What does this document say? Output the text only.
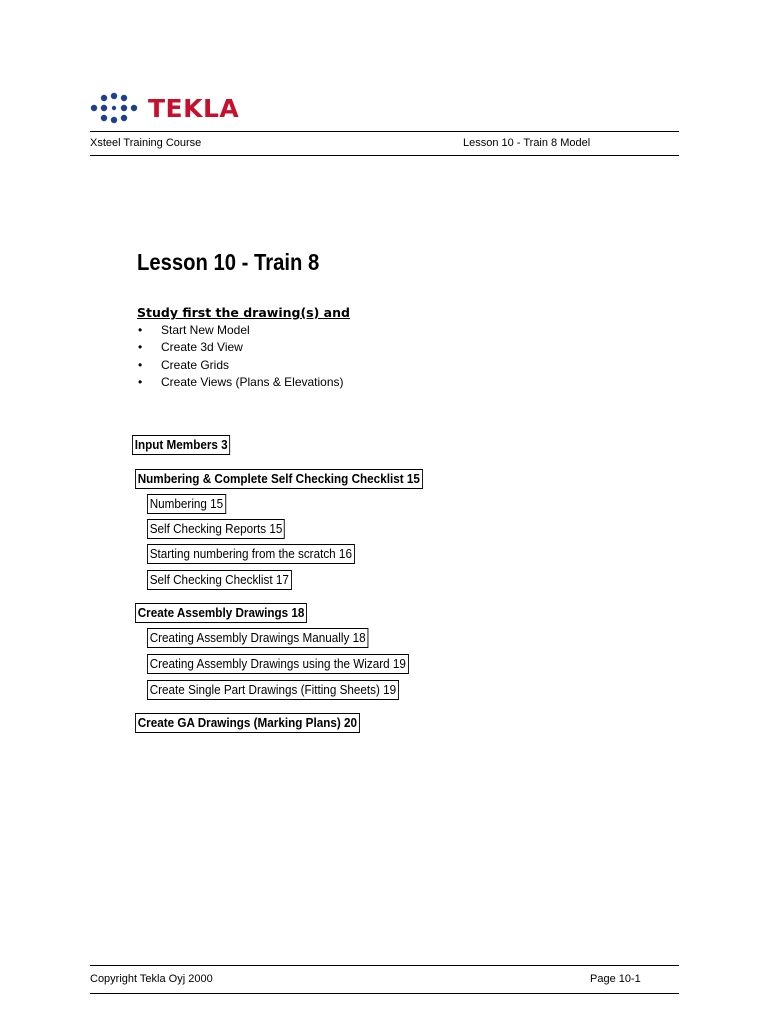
TEKLA
Xsteel Training Course	Lesson 10 - Train 8 Model
Lesson 10 - Train 8
Study first the drawing(s) and
• Start New Model
• Create 3d View
• Create Grids
• Create Views (Plans & Elevations)
Input Members 3
Numbering & Complete Self Checking Checklist 15
Numbering 15
Self Checking Reports 15
Starting numbering from the scratch 16
Self Checking Checklist 17
Create Assembly Drawings 18
Creating Assembly Drawings Manually 18
Creating Assembly Drawings using the Wizard 19
Create Single Part Drawings (Fitting Sheets) 19
Create GA Drawings (Marking Plans) 20
Copyright Tekla Oyj 2000	Page 10-1
